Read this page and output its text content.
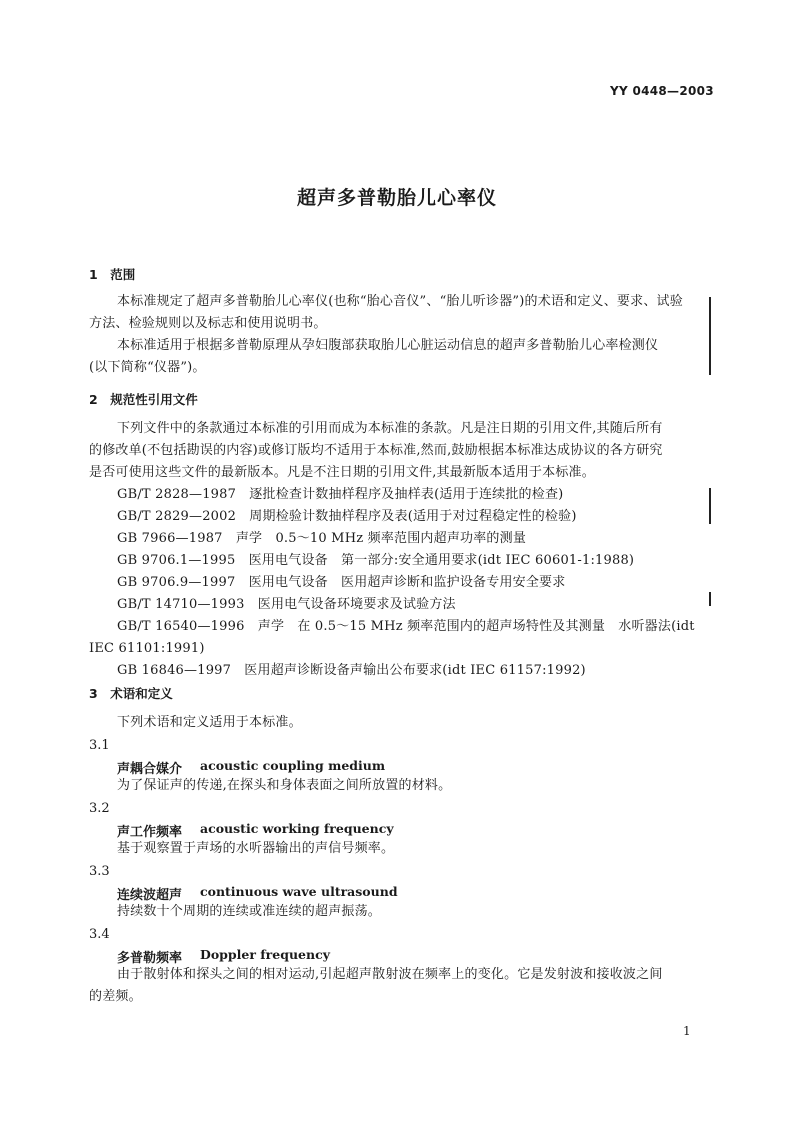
YY 0448—2003
超声多普勒胎儿心率仪
1　范围
本标准规定了超声多普勒胎儿心率仪(也称“胎心音仪”、“胎儿听诊器”)的术语和定义、要求、试验
方法、检验规则以及标志和使用说明书。
本标准适用于根据多普勒原理从孕妇腹部获取胎儿心脏运动信息的超声多普勒胎儿心率检测仪
(以下简称“仪器”)。
2　规范性引用文件
下列文件中的条款通过本标准的引用而成为本标准的条款。凡是注日期的引用文件,其随后所有
的修改单(不包括勘误的内容)或修订版均不适用于本标准,然而,鼓励根据本标准达成协议的各方研究
是否可使用这些文件的最新版本。凡是不注日期的引用文件,其最新版本适用于本标准。
GB/T 2828—1987　逐批检查计数抽样程序及抽样表(适用于连续批的检查)
GB/T 2829—2002　周期检验计数抽样程序及表(适用于对过程稳定性的检验)
GB 7966—1987　声学　0.5～10 MHz 频率范围内超声功率的测量
GB 9706.1—1995　医用电气设备　第一部分:安全通用要求(idt IEC 60601-1:1988)
GB 9706.9—1997　医用电气设备　医用超声诊断和监护设备专用安全要求
GB/T 14710—1993　医用电气设备环境要求及试验方法
GB/T 16540—1996　声学　在 0.5～15 MHz 频率范围内的超声场特性及其测量　水听器法(idt
IEC 61101:1991)
GB 16846—1997　医用超声诊断设备声输出公布要求(idt IEC 61157:1992)
3　术语和定义
下列术语和定义适用于本标准。
3.1
声耦合媒介 acoustic coupling medium
为了保证声的传递,在探头和身体表面之间所放置的材料。
3.2
声工作频率 acoustic working frequency
基于观察置于声场的水听器输出的声信号频率。
3.3
连续波超声 continuous wave ultrasound
持续数十个周期的连续或准连续的超声振荡。
3.4
多普勒频率 Doppler frequency
由于散射体和探头之间的相对运动,引起超声散射波在频率上的变化。它是发射波和接收波之间
的差频。
1
